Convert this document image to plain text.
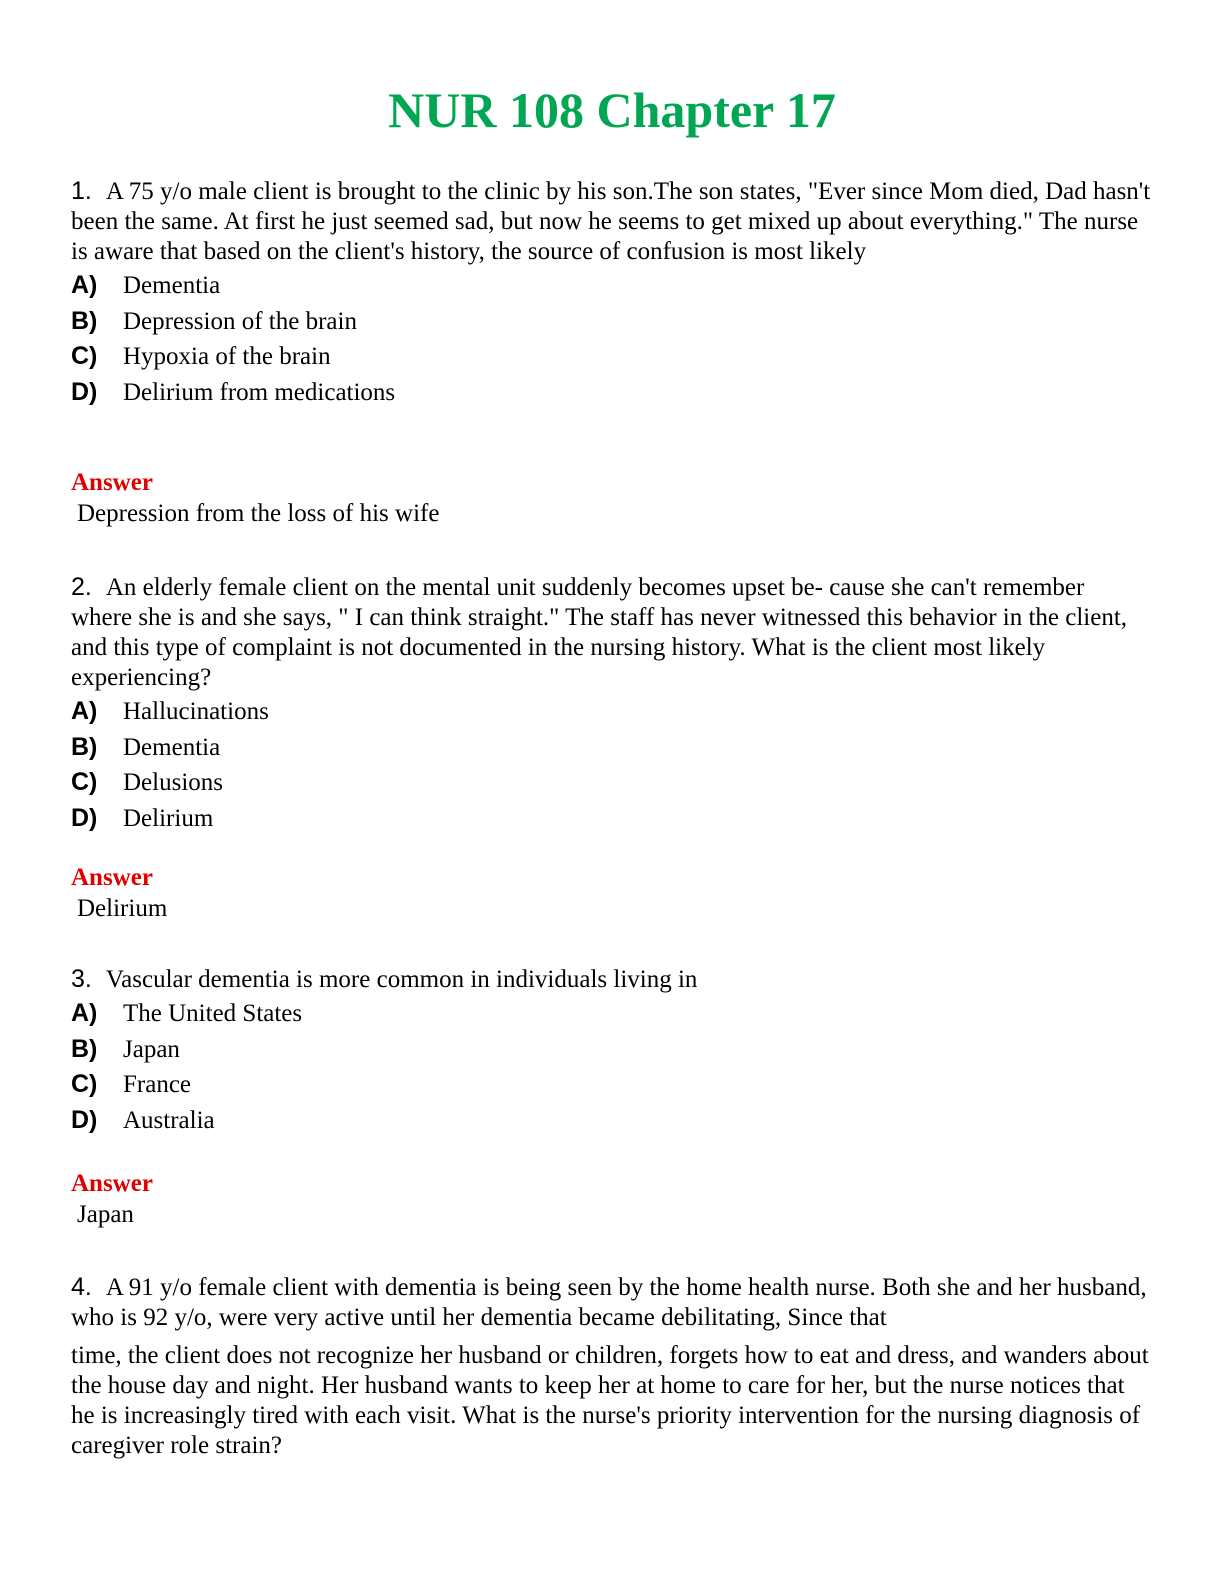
NUR 108 Chapter 17

1. A 75 y/o male client is brought to the clinic by his son.The son states, "Ever since Mom died, Dad hasn't been the same. At first he just seemed sad, but now he seems to get mixed up about everything." The nurse is aware that based on the client's history, the source of confusion is most likely

A)	Dementia
B)	Depression of the brain
C)	Hypoxia of the brain
D)	Delirium from medications

Answer

Depression from the loss of his wife

2. An elderly female client on the mental unit suddenly becomes upset be- cause she can't remember where she is and she says, " I can think straight." The staff has never witnessed this behavior in the client, and this type of complaint is not documented in the nursing history. What is the client most likely experiencing?

A)	Hallucinations
B)	Dementia
C)	Delusions
D)	Delirium

Answer

Delirium

3. Vascular dementia is more common in individuals living in

A)	The United States
B)	Japan
C)	France
D)	Australia

Answer

Japan

4. A 91 y/o female client with dementia is being seen by the home health nurse. Both she and her husband, who is 92 y/o, were very active until her dementia became debilitating, Since that

time, the client does not recognize her husband or children, forgets how to eat and dress, and wanders about the house day and night. Her husband wants to keep her at home to care for her, but the nurse notices that he is increasingly tired with each visit. What is the nurse's priority intervention for the nursing diagnosis of caregiver role strain?
